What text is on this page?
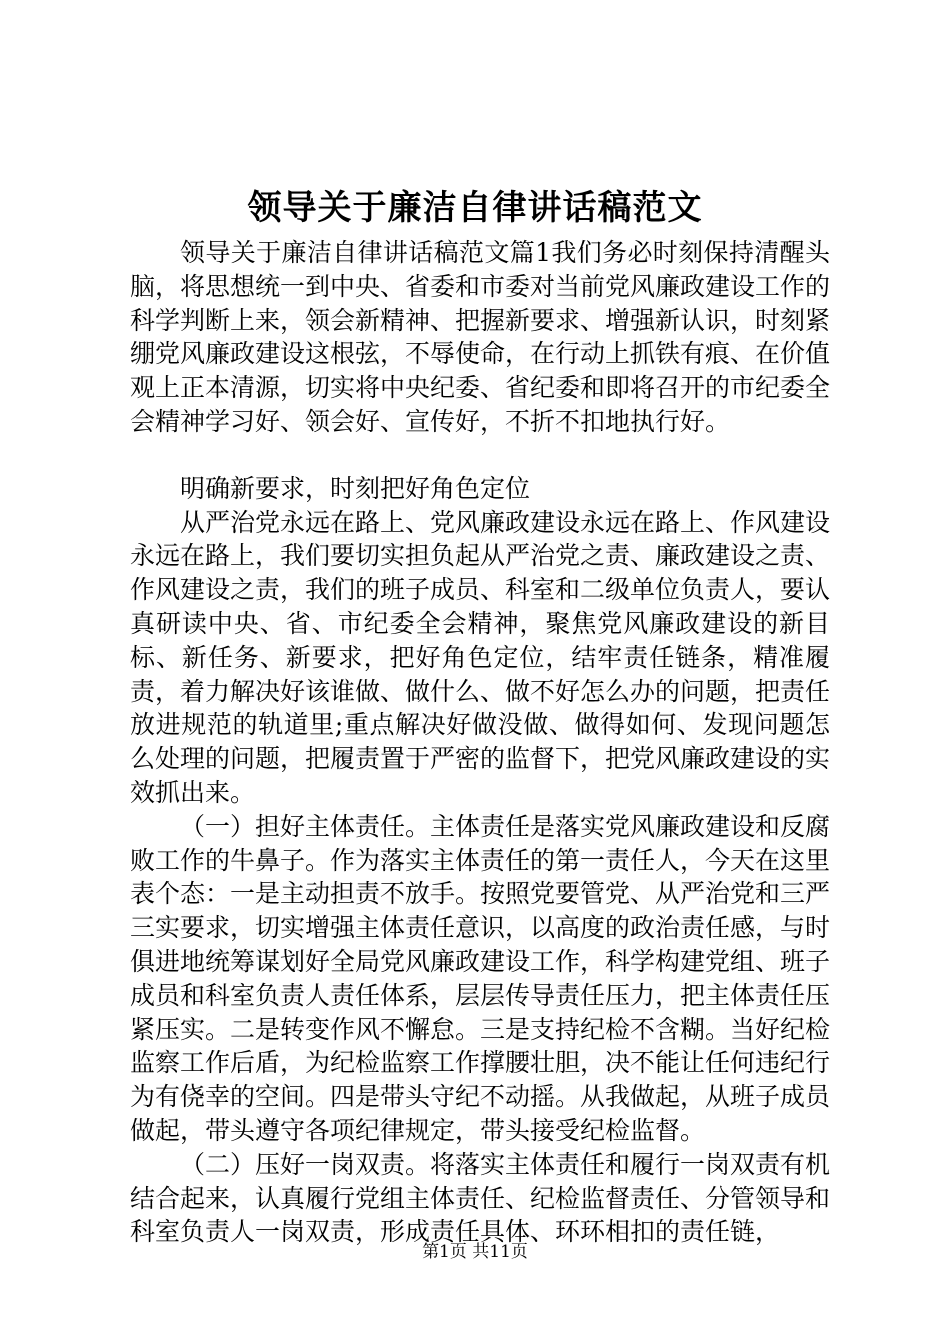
领导关于廉洁自律讲话稿范文

领导关于廉洁自律讲话稿范文篇1我们务必时刻保持清醒头脑，将思想统一到中央、省委和市委对当前党风廉政建设工作的科学判断上来，领会新精神、把握新要求、增强新认识，时刻紧绷党风廉政建设这根弦，不辱使命，在行动上抓铁有痕、在价值观上正本清源，切实将中央纪委、省纪委和即将召开的市纪委全会精神学习好、领会好、宣传好，不折不扣地执行好。

明确新要求，时刻把好角色定位

从严治党永远在路上、党风廉政建设永远在路上、作风建设永远在路上，我们要切实担负起从严治党之责、廉政建设之责、作风建设之责，我们的班子成员、科室和二级单位负责人，要认真研读中央、省、市纪委全会精神，聚焦党风廉政建设的新目标、新任务、新要求，把好角色定位，结牢责任链条，精准履责，着力解决好该谁做、做什么、做不好怎么办的问题，把责任放进规范的轨道里;重点解决好做没做、做得如何、发现问题怎么处理的问题，把履责置于严密的监督下，把党风廉政建设的实效抓出来。

（一）担好主体责任。主体责任是落实党风廉政建设和反腐败工作的牛鼻子。作为落实主体责任的第一责任人，今天在这里表个态：一是主动担责不放手。按照党要管党、从严治党和三严三实要求，切实增强主体责任意识，以高度的政治责任感，与时俱进地统筹谋划好全局党风廉政建设工作，科学构建党组、班子成员和科室负责人责任体系，层层传导责任压力，把主体责任压紧压实。二是转变作风不懈怠。三是支持纪检不含糊。当好纪检监察工作后盾，为纪检监察工作撑腰壮胆，决不能让任何违纪行为有侥幸的空间。四是带头守纪不动摇。从我做起，从班子成员做起，带头遵守各项纪律规定，带头接受纪检监督。

（二）压好一岗双责。将落实主体责任和履行一岗双责有机结合起来，认真履行党组主体责任、纪检监督责任、分管领导和科室负责人一岗双责，形成责任具体、环环相扣的责任链，

第1页 共11页
